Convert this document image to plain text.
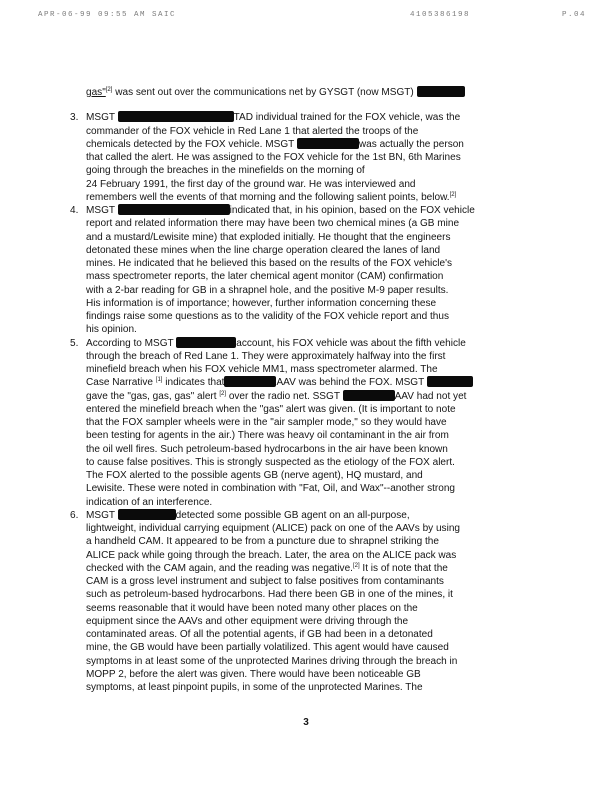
APR-06-99 09:55 AM SAIC	4105386198	P.04
gas"[2] was sent out over the communications net by GYSGT (now MSGT)
3. MSGT	TAD individual trained for the FOX vehicle, was the
commander of the FOX vehicle in Red Lane 1 that alerted the troops of the
chemicals detected by the FOX vehicle. MSGT	was actually the person
that called the alert. He was assigned to the FOX vehicle for the 1st BN, 6th Marines
going through the breaches in the minefields on the morning of
24 February 1991, the first day of the ground war. He was interviewed and
remembers well the events of that morning and the following salient points, below.[2]
4. MSGT	indicated that, in his opinion, based on the FOX vehicle
report and related information there may have been two chemical mines (a GB mine
and a mustard/Lewisite mine) that exploded initially. He thought that the engineers
detonated these mines when the line charge operation cleared the lanes of land
mines. He indicated that he believed this based on the results of the FOX vehicle's
mass spectrometer reports, the later chemical agent monitor (CAM) confirmation
with a 2-bar reading for GB in a shrapnel hole, and the positive M-9 paper results.
His information is of importance; however, further information concerning these
findings raise some questions as to the validity of the FOX vehicle report and thus
his opinion.
5. According to MSGT	account, his FOX vehicle was about the fifth vehicle
through the breach of Red Lane 1. They were approximately halfway into the first
minefield breach when his FOX vehicle MM1, mass spectrometer alarmed. The
Case Narrative [1] indicates that	AAV was behind the FOX. MSGT
gave the "gas, gas, gas" alert [2] over the radio net. SSGT	AAV had not yet
entered the minefield breach when the "gas" alert was given. (It is important to note
that the FOX sampler wheels were in the "air sampler mode," so they would have
been testing for agents in the air.) There was heavy oil contaminant in the air from
the oil well fires. Such petroleum-based hydrocarbons in the air have been known
to cause false positives. This is strongly suspected as the etiology of the FOX alert.
The FOX alerted to the possible agents GB (nerve agent), HQ mustard, and
Lewisite. These were noted in combination with "Fat, Oil, and Wax"--another strong
indication of an interference.
6. MSGT	detected some possible GB agent on an all-purpose,
lightweight, individual carrying equipment (ALICE) pack on one of the AAVs by using
a handheld CAM. It appeared to be from a puncture due to shrapnel striking the
ALICE pack while going through the breach. Later, the area on the ALICE pack was
checked with the CAM again, and the reading was negative.[2] It is of note that the
CAM is a gross level instrument and subject to false positives from contaminants
such as petroleum-based hydrocarbons. Had there been GB in one of the mines, it
seems reasonable that it would have been noted many other places on the
equipment since the AAVs and other equipment were driving through the
contaminated areas. Of all the potential agents, if GB had been in a detonated
mine, the GB would have been partially volatilized. This agent would have caused
symptoms in at least some of the unprotected Marines driving through the breach in
MOPP 2, before the alert was given. There would have been noticeable GB
symptoms, at least pinpoint pupils, in some of the unprotected Marines. The
3
